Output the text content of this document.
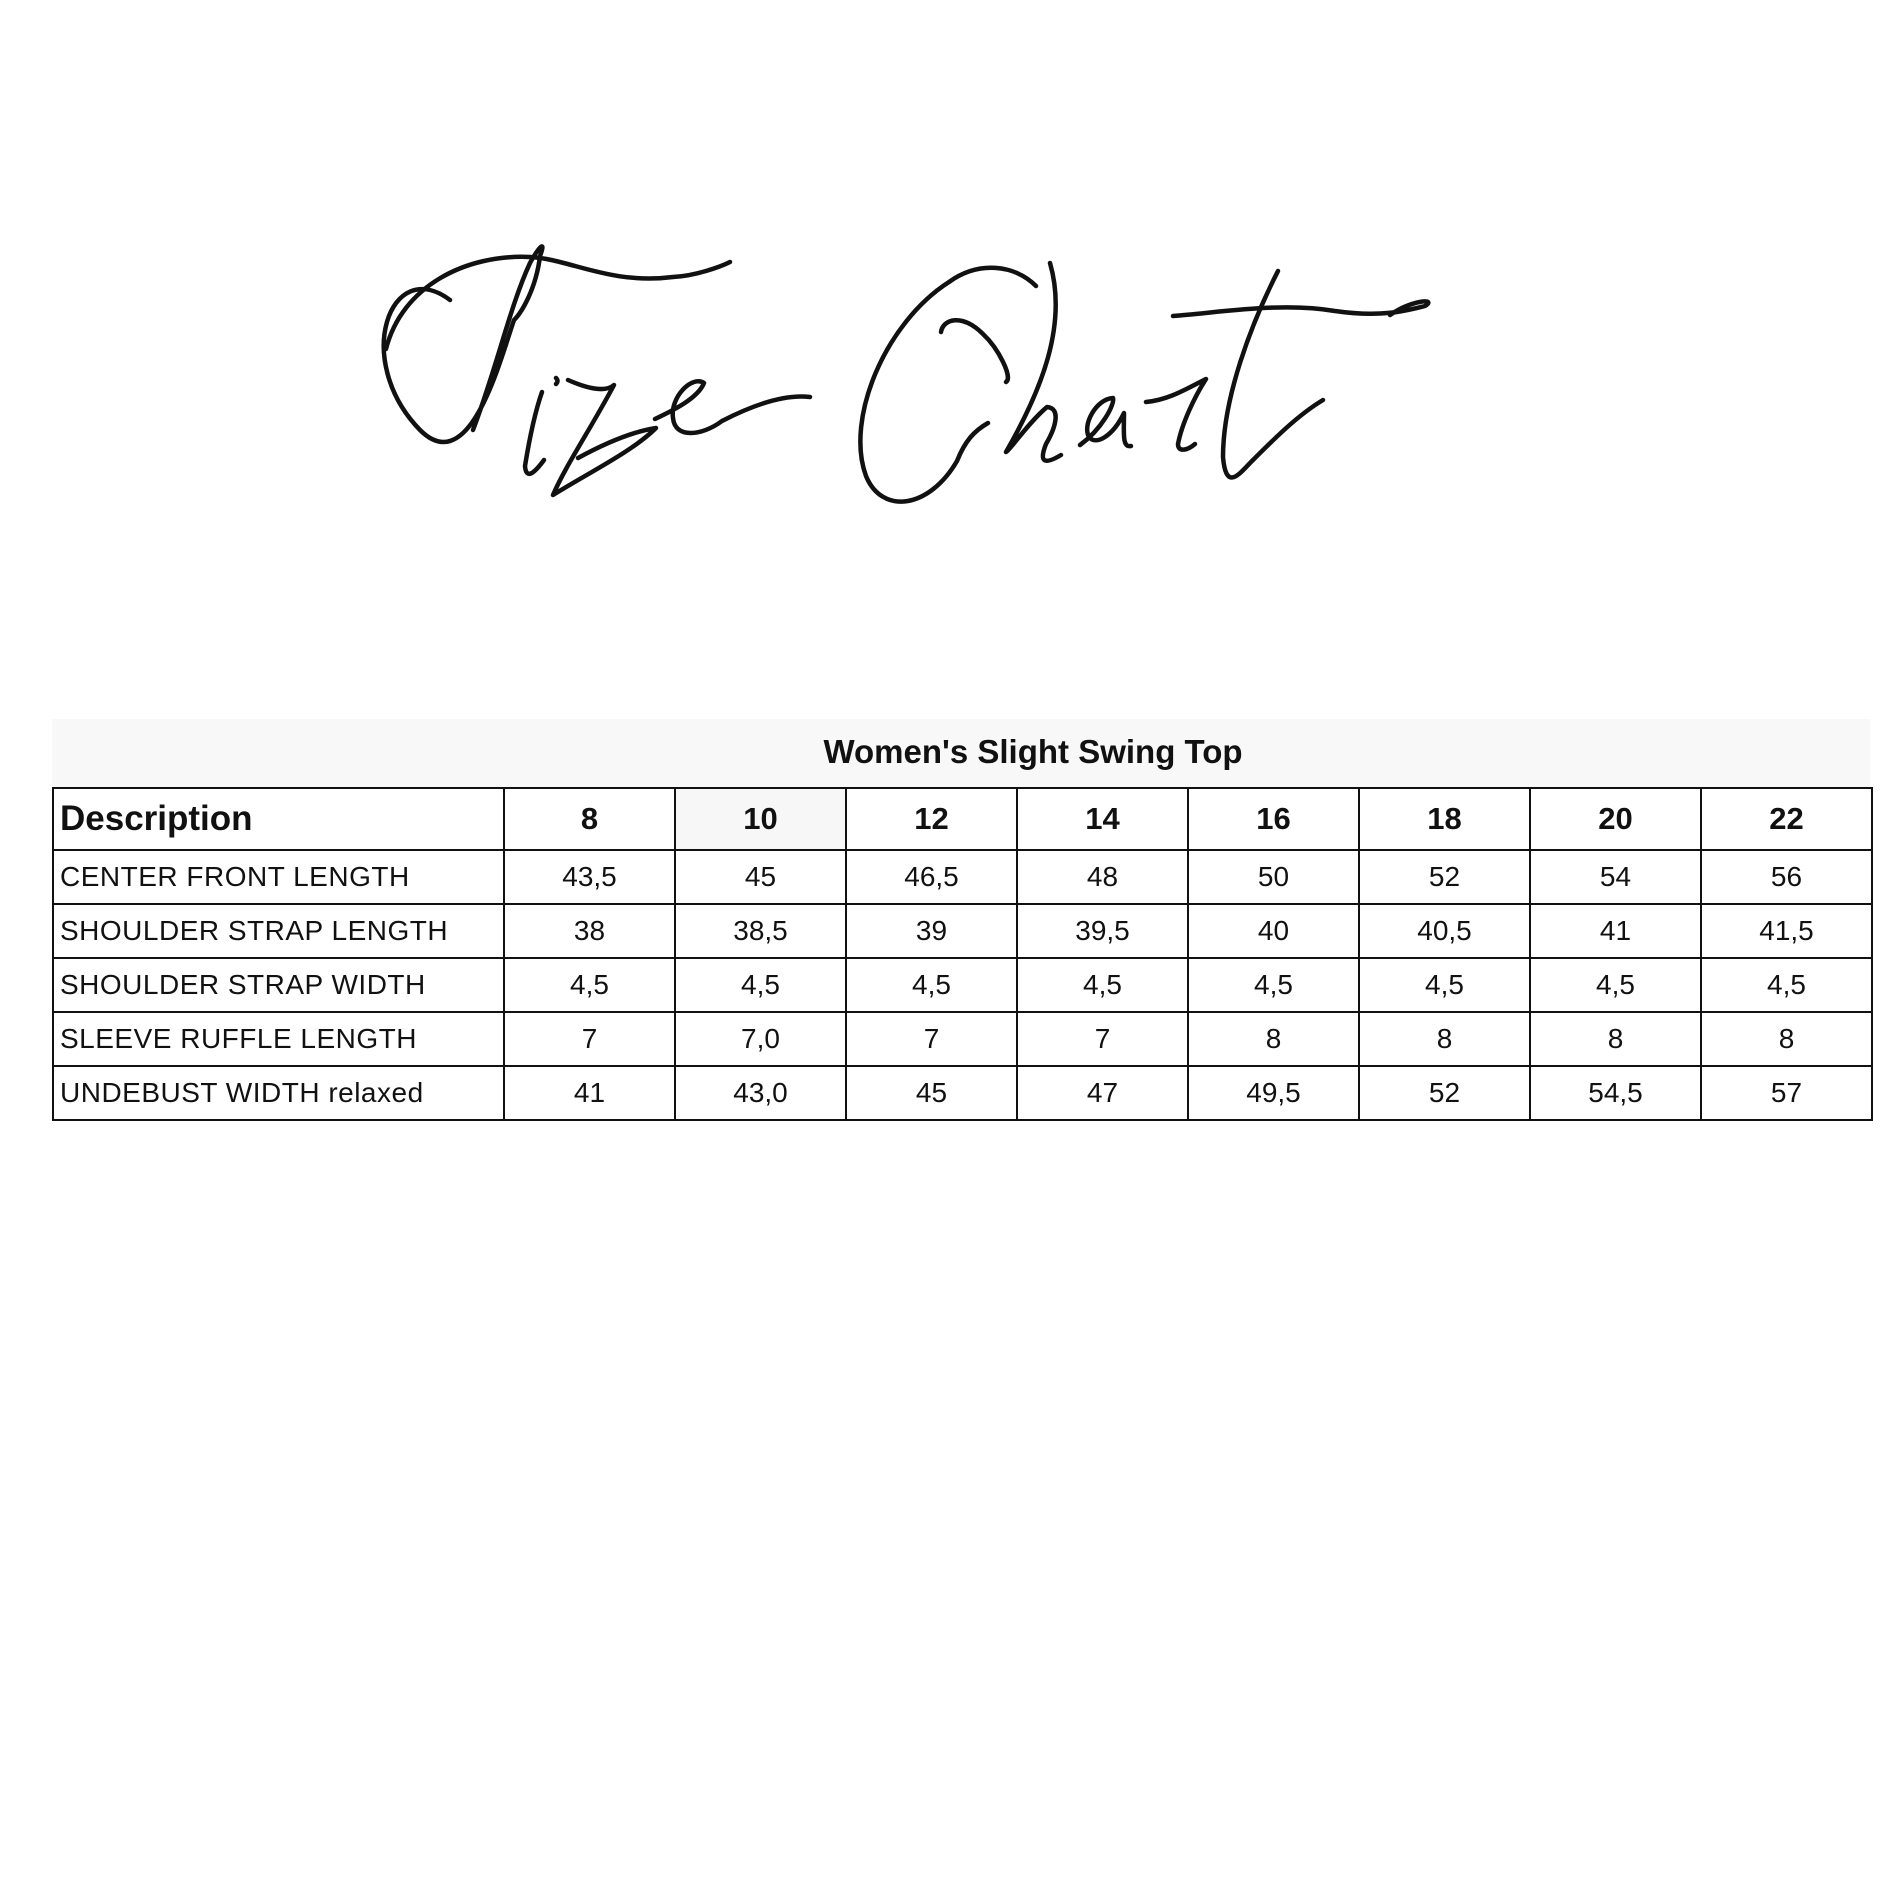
Women's Slight Swing Top
Description	8	10	12	14	16	18	20	22
CENTER FRONT LENGTH	43,5	45	46,5	48	50	52	54	56
SHOULDER STRAP LENGTH	38	38,5	39	39,5	40	40,5	41	41,5
SHOULDER STRAP WIDTH	4,5	4,5	4,5	4,5	4,5	4,5	4,5	4,5
SLEEVE RUFFLE LENGTH	7	7,0	7	7	8	8	8	8
UNDEBUST WIDTH relaxed	41	43,0	45	47	49,5	52	54,5	57
